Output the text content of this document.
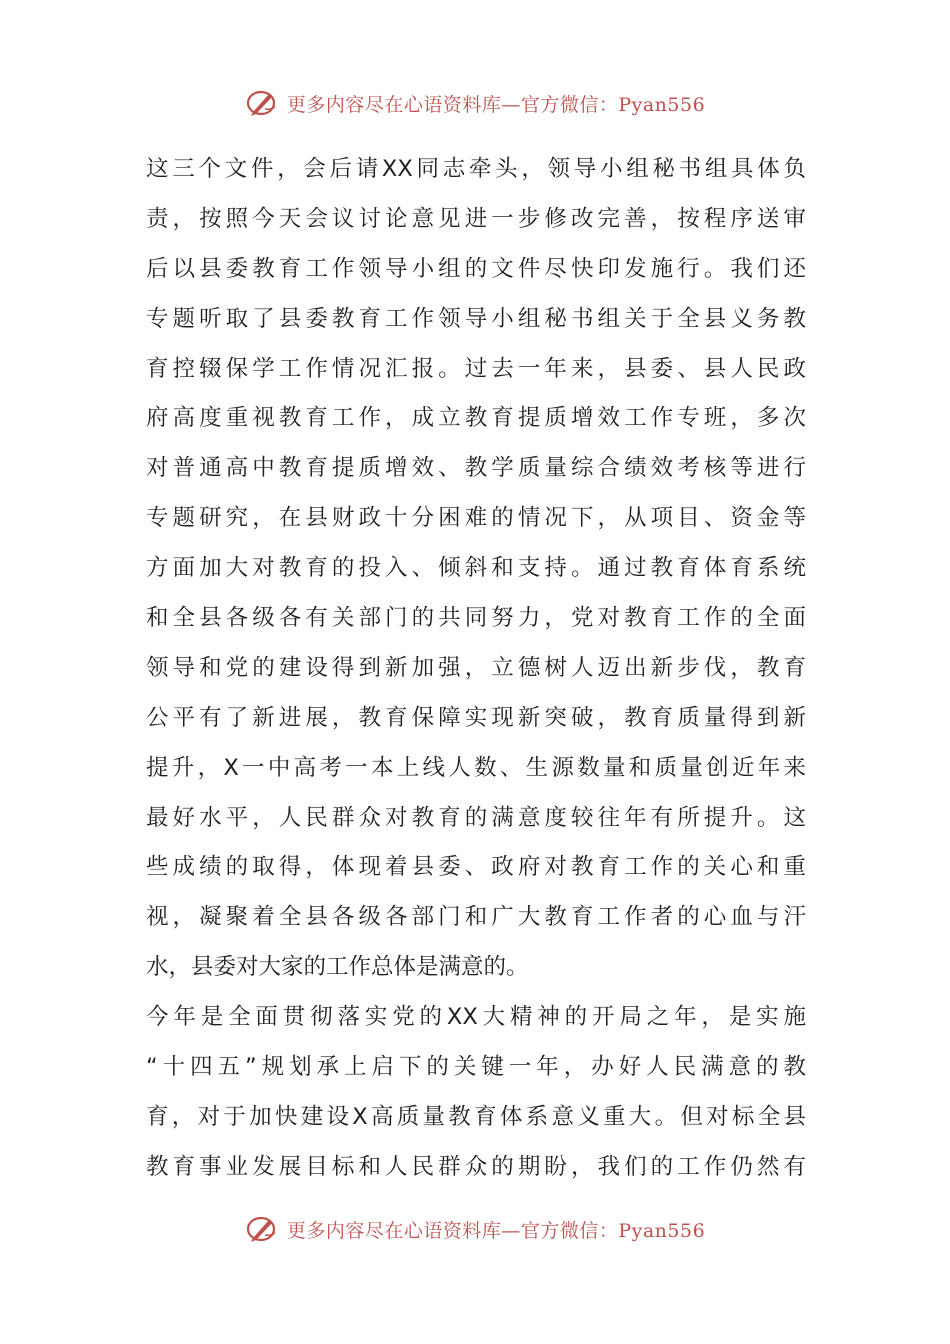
更多内容尽在心语资料库—官方微信：Pyan556
这三个文件，会后请XX同志牵头，领导小组秘书组具体负
责，按照今天会议讨论意见进一步修改完善，按程序送审
后以县委教育工作领导小组的文件尽快印发施行。我们还
专题听取了县委教育工作领导小组秘书组关于全县义务教
育控辍保学工作情况汇报。过去一年来，县委、县人民政
府高度重视教育工作，成立教育提质增效工作专班，多次
对普通高中教育提质增效、教学质量综合绩效考核等进行
专题研究，在县财政十分困难的情况下，从项目、资金等
方面加大对教育的投入、倾斜和支持。通过教育体育系统
和全县各级各有关部门的共同努力，党对教育工作的全面
领导和党的建设得到新加强，立德树人迈出新步伐，教育
公平有了新进展，教育保障实现新突破，教育质量得到新
提升，X一中高考一本上线人数、生源数量和质量创近年来
最好水平，人民群众对教育的满意度较往年有所提升。这
些成绩的取得，体现着县委、政府对教育工作的关心和重
视，凝聚着全县各级各部门和广大教育工作者的心血与汗
水，县委对大家的工作总体是满意的。
今年是全面贯彻落实党的XX大精神的开局之年，是实施
“十四五”规划承上启下的关键一年，办好人民满意的教
育，对于加快建设X高质量教育体系意义重大。但对标全县
教育事业发展目标和人民群众的期盼，我们的工作仍然有
更多内容尽在心语资料库—官方微信：Pyan556
